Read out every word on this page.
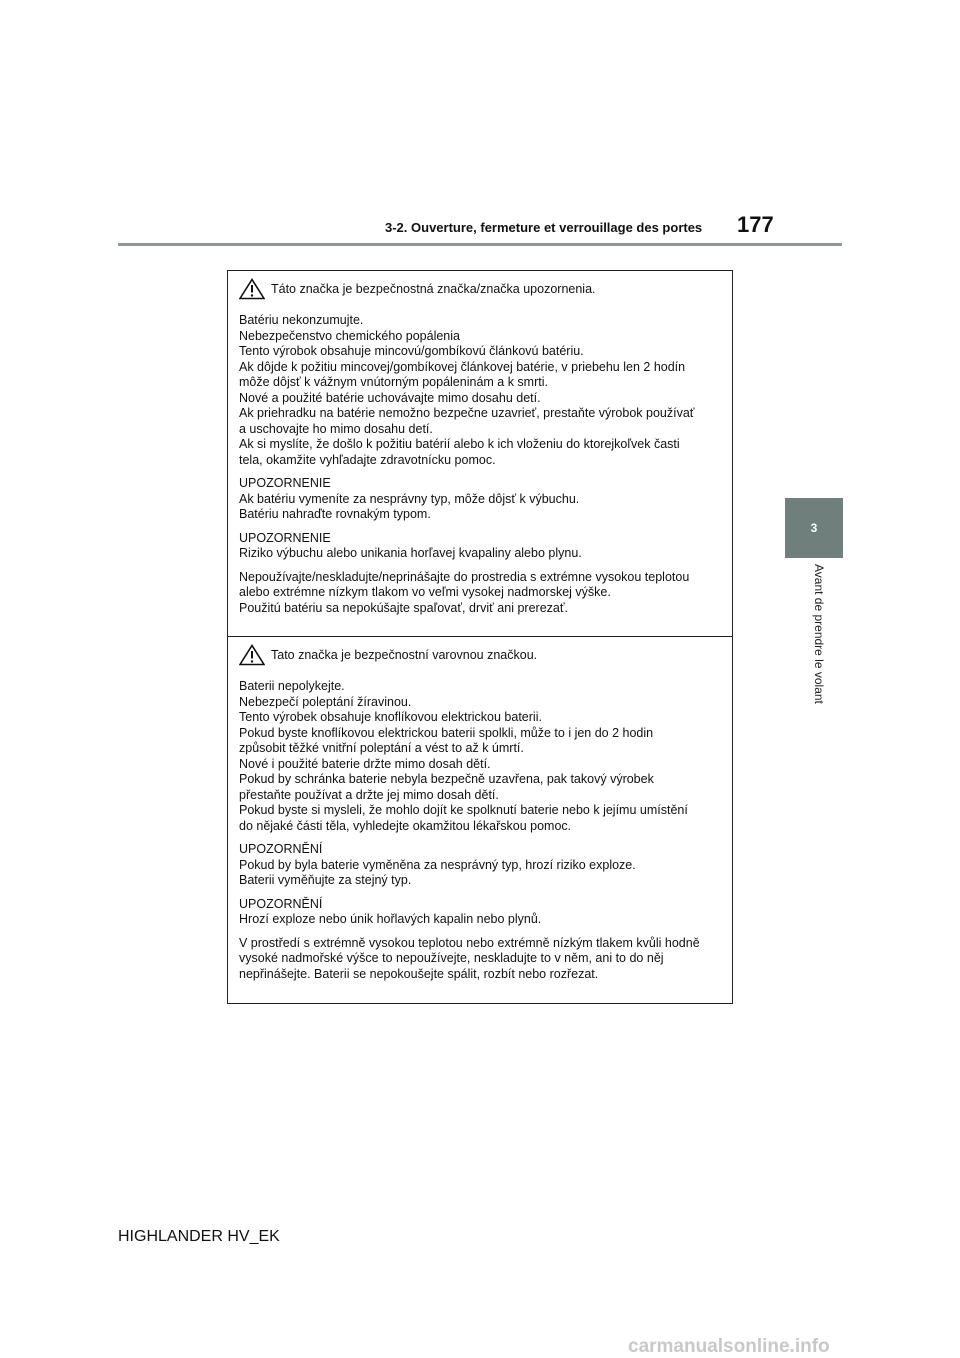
3-2. Ouverture, fermeture et verrouillage des portes 177
3
Avant de prendre le volant
Táto značka je bezpečnostná značka/značka upozornenia.
Batériu nekonzumujte.
Nebezpečenstvo chemického popálenia
Tento výrobok obsahuje mincovú/gombíkovú článkovú batériu.
Ak dôjde k požitiu mincovej/gombíkovej článkovej batérie, v priebehu len 2 hodín
môže dôjsť k vážnym vnútorným popáleninám a k smrti.
Nové a použité batérie uchovávajte mimo dosahu detí.
Ak priehradku na batérie nemožno bezpečne uzavrieť, prestaňte výrobok používať
a uschovajte ho mimo dosahu detí.
Ak si myslíte, že došlo k požitiu batérií alebo k ich vloženiu do ktorejkoľvek časti
tela, okamžite vyhľadajte zdravotnícku pomoc.
UPOZORNENIE
Ak batériu vymeníte za nesprávny typ, môže dôjsť k výbuchu.
Batériu nahraďte rovnakým typom.
UPOZORNENIE
Riziko výbuchu alebo unikania horľavej kvapaliny alebo plynu.
Nepoužívajte/neskladujte/neprinášajte do prostredia s extrémne vysokou teplotou
alebo extrémne nízkym tlakom vo veľmi vysokej nadmorskej výške.
Použitú batériu sa nepokúšajte spaľovať, drviť ani prerezať.
Tato značka je bezpečnostní varovnou značkou.
Baterii nepolykejte.
Nebezpečí poleptání žíravinou.
Tento výrobek obsahuje knoflíkovou elektrickou baterii.
Pokud byste knoflíkovou elektrickou baterii spolkli, může to i jen do 2 hodin
způsobit těžké vnitřní poleptání a vést to až k úmrtí.
Nové i použité baterie držte mimo dosah dětí.
Pokud by schránka baterie nebyla bezpečně uzavřena, pak takový výrobek
přestaňte používat a držte jej mimo dosah dětí.
Pokud byste si mysleli, že mohlo dojít ke spolknutí baterie nebo k jejímu umístění
do nějaké části těla, vyhledejte okamžitou lékařskou pomoc.
UPOZORNĚNÍ
Pokud by byla baterie vyměněna za nesprávný typ, hrozí riziko exploze.
Baterii vyměňujte za stejný typ.
UPOZORNĚNÍ
Hrozí exploze nebo únik hořlavých kapalin nebo plynů.
V prostředí s extrémně vysokou teplotou nebo extrémně nízkým tlakem kvůli hodně
vysoké nadmořské výšce to nepoužívejte, neskladujte to v něm, ani to do něj
nepřinášejte. Baterii se nepokoušejte spálit, rozbít nebo rozřezat.
HIGHLANDER HV_EK
carmanualsonline.info
